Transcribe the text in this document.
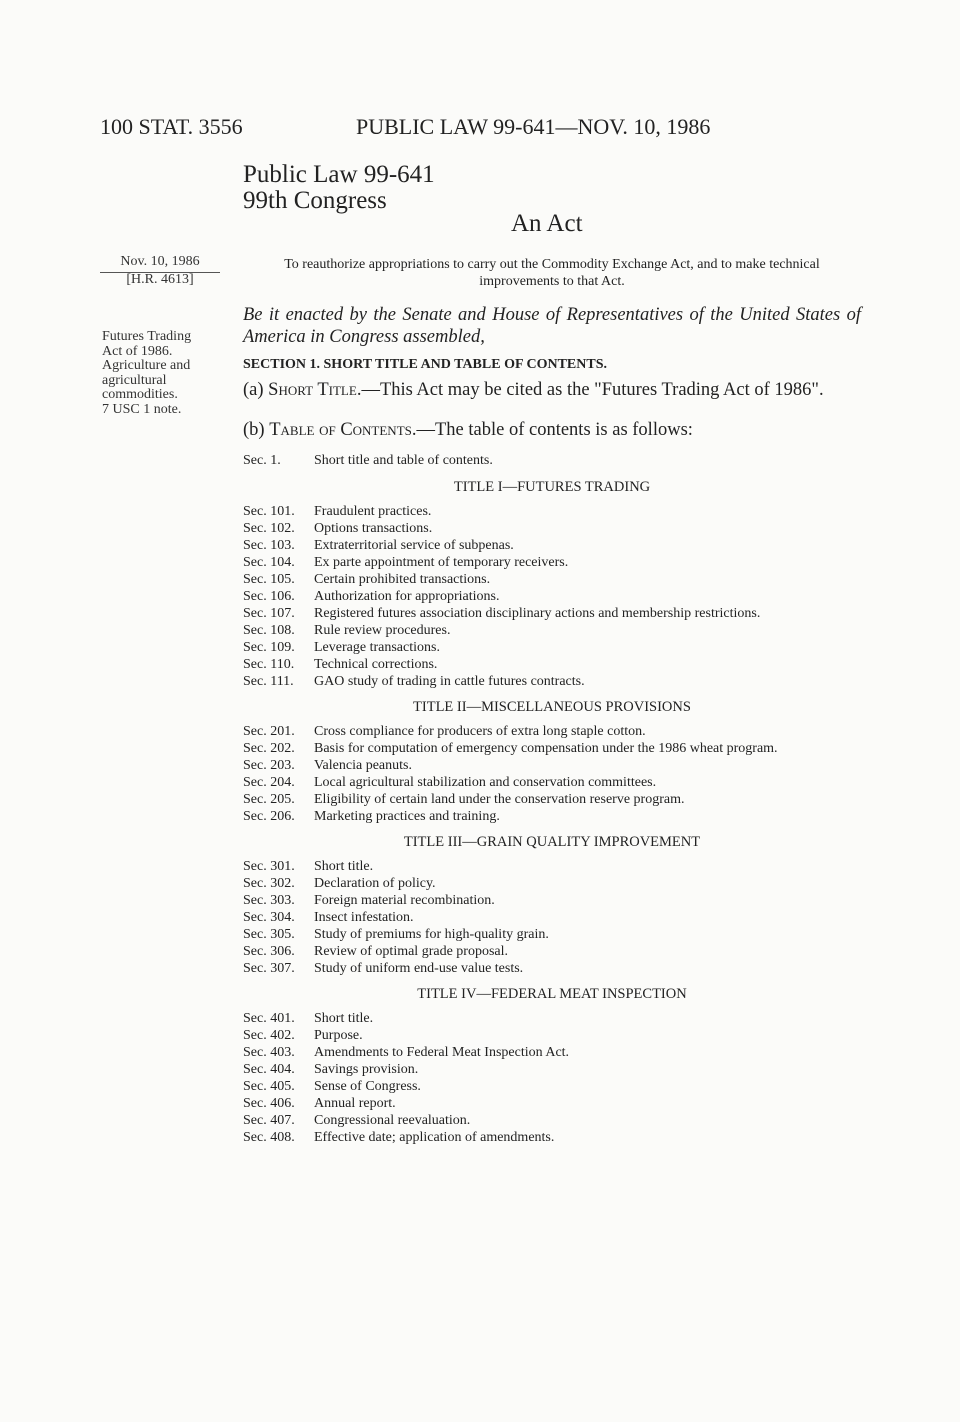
100 STAT. 3556	PUBLIC LAW 99-641—NOV. 10, 1986
Public Law 99-641
99th Congress
An Act
Nov. 10, 1986
[H.R. 4613]
Futures Trading
Act of 1986.
Agriculture and
agricultural
commodities.
7 USC 1 note.
To reauthorize appropriations to carry out the Commodity Exchange Act, and to make technical improvements to that Act.
Be it enacted by the Senate and House of Representatives of the United States of America in Congress assembled,
SECTION 1. SHORT TITLE AND TABLE OF CONTENTS.
(a) Short Title.—This Act may be cited as the "Futures Trading Act of 1986".
(b) Table of Contents.—The table of contents is as follows:
Sec. 1.	Short title and table of contents.
TITLE I—FUTURES TRADING
Sec. 101.	Fraudulent practices.
Sec. 102.	Options transactions.
Sec. 103.	Extraterritorial service of subpenas.
Sec. 104.	Ex parte appointment of temporary receivers.
Sec. 105.	Certain prohibited transactions.
Sec. 106.	Authorization for appropriations.
Sec. 107.	Registered futures association disciplinary actions and membership restrictions.
Sec. 108.	Rule review procedures.
Sec. 109.	Leverage transactions.
Sec. 110.	Technical corrections.
Sec. 111.	GAO study of trading in cattle futures contracts.
TITLE II—MISCELLANEOUS PROVISIONS
Sec. 201.	Cross compliance for producers of extra long staple cotton.
Sec. 202.	Basis for computation of emergency compensation under the 1986 wheat program.
Sec. 203.	Valencia peanuts.
Sec. 204.	Local agricultural stabilization and conservation committees.
Sec. 205.	Eligibility of certain land under the conservation reserve program.
Sec. 206.	Marketing practices and training.
TITLE III—GRAIN QUALITY IMPROVEMENT
Sec. 301.	Short title.
Sec. 302.	Declaration of policy.
Sec. 303.	Foreign material recombination.
Sec. 304.	Insect infestation.
Sec. 305.	Study of premiums for high-quality grain.
Sec. 306.	Review of optimal grade proposal.
Sec. 307.	Study of uniform end-use value tests.
TITLE IV—FEDERAL MEAT INSPECTION
Sec. 401.	Short title.
Sec. 402.	Purpose.
Sec. 403.	Amendments to Federal Meat Inspection Act.
Sec. 404.	Savings provision.
Sec. 405.	Sense of Congress.
Sec. 406.	Annual report.
Sec. 407.	Congressional reevaluation.
Sec. 408.	Effective date; application of amendments.
